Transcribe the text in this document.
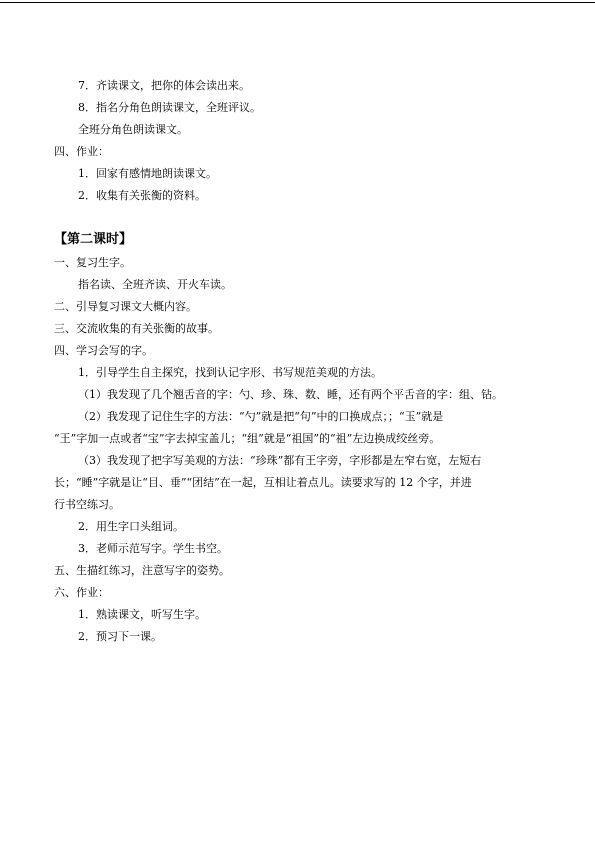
7．齐读课文，把你的体会读出来。
8．指名分角色朗读课文，全班评议。
全班分角色朗读课文。
四、作业：
1．回家有感情地朗读课文。
2．收集有关张衡的资料。
【第二课时】
一、复习生字。
指名读、全班齐读、开火车读。
二、引导复习课文大概内容。
三、交流收集的有关张衡的故事。
四、学习会写的字。
1．引导学生自主探究，找到认记字形、书写规范美观的方法。
（1）我发现了几个翘舌音的字：勺、珍、珠、数、睡，还有两个平舌音的字：组、钻。
（2）我发现了记住生字的方法：“勺”就是把“句”中的口换成点；；“玉”就是
“王”字加一点或者“宝”字去掉宝盖儿；“组”就是“祖国”的“祖”左边换成绞丝旁。
（3）我发现了把字写美观的方法：“珍珠”都有王字旁，字形都是左窄右宽，左短右
长；“睡”字就是让“目、垂”“团结”在一起，互相让着点儿。读要求写的 12 个字，并进
行书空练习。
2．用生字口头组词。
3．老师示范写字。学生书空。
五、生描红练习，注意写字的姿势。
六、作业：
1．熟读课文，听写生字。
2．预习下一课。
